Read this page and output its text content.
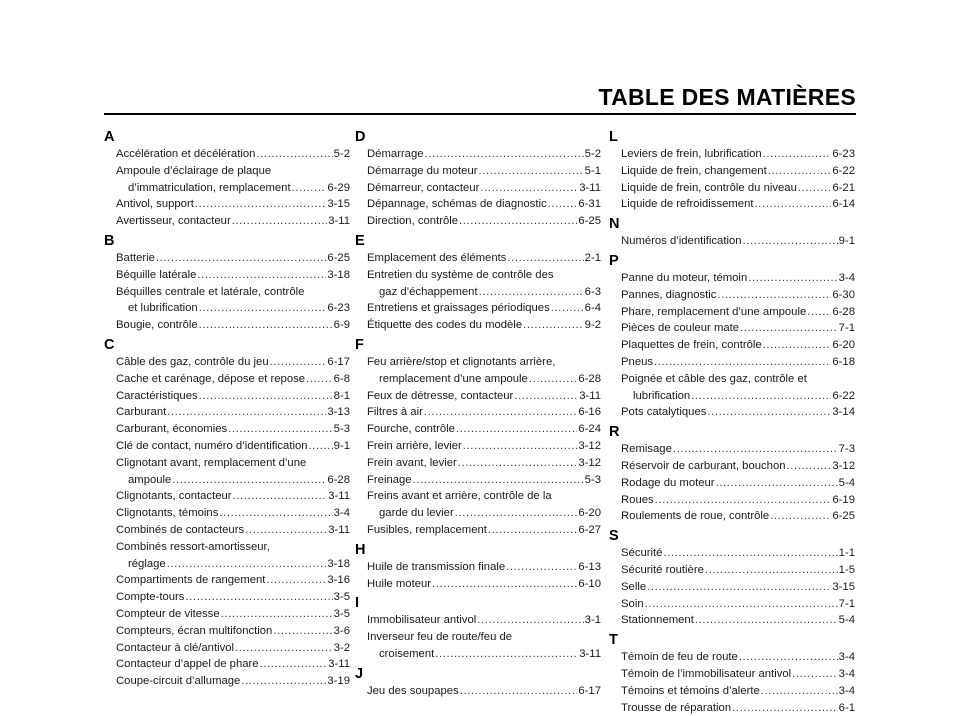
TABLE DES MATIÈRES
A
Accélération et décélération .....	5-2
Ampoule d’éclairage de plaque
d’immatriculation, remplacement .....	6-29
Antivol, support .....	3-15
Avertisseur, contacteur .....	3-11
B
Batterie .....	6-25
Béquille latérale .....	3-18
Béquilles centrale et latérale, contrôle
et lubrification .....	6-23
Bougie, contrôle .....	6-9
C
Câble des gaz, contrôle du jeu .....	6-17
Cache et carénage, dépose et repose .....	6-8
Caractéristiques .....	8-1
Carburant .....	3-13
Carburant, économies .....	5-3
Clé de contact, numéro d’identification ..... 9-1
Clignotant avant, remplacement d’une
ampoule .....	6-28
Clignotants, contacteur .....	3-11
Clignotants, témoins .....	3-4
Combinés de contacteurs .....	3-11
Combinés ressort-amortisseur,
réglage .....	3-18
Compartiments de rangement .....	3-16
Compte-tours .....	3-5
Compteur de vitesse .....	3-5
Compteurs, écran multifonction .....	3-6
Contacteur à clé/antivol .....	3-2
Contacteur d’appel de phare .....	3-11
Coupe-circuit d’allumage .....	3-19
D
Démarrage .....	5-2
Démarrage du moteur .....	5-1
Démarreur, contacteur .....	3-11
Dépannage, schémas de diagnostic .....	6-31
Direction, contrôle .....	6-25
E
Emplacement des éléments .....	2-1
Entretien du système de contrôle des
gaz d’échappement .....	6-3
Entretiens et graissages périodiques .....	6-4
Étiquette des codes du modèle .....	9-2
F
Feu arrière/stop et clignotants arrière,
remplacement d’une ampoule .....	6-28
Feux de détresse, contacteur .....	3-11
Filtres à air .....	6-16
Fourche, contrôle .....	6-24
Frein arrière, levier .....	3-12
Frein avant, levier .....	3-12
Freinage .....	5-3
Freins avant et arrière, contrôle de la
garde du levier .....	6-20
Fusibles, remplacement .....	6-27
H
Huile de transmission finale .....	6-13
Huile moteur .....	6-10
I
Immobilisateur antivol .....	3-1
Inverseur feu de route/feu de
croisement .....	3-11
J
Jeu des soupapes .....	6-17
L
Leviers de frein, lubrification .....	6-23
Liquide de frein, changement .....	6-22
Liquide de frein, contrôle du niveau .....	6-21
Liquide de refroidissement .....	6-14
N
Numéros d’identification .....	9-1
P
Panne du moteur, témoin .....	3-4
Pannes, diagnostic .....	6-30
Phare, remplacement d’une ampoule ..... 6-28
Pièces de couleur mate .....	7-1
Plaquettes de frein, contrôle .....	6-20
Pneus .....	6-18
Poignée et câble des gaz, contrôle et
lubrification .....	6-22
Pots catalytiques .....	3-14
R
Remisage .....	7-3
Réservoir de carburant, bouchon .....	3-12
Rodage du moteur .....	5-4
Roues .....	6-19
Roulements de roue, contrôle .....	6-25
S
Sécurité .....	1-1
Sécurité routière .....	1-5
Selle .....	3-15
Soin .....	7-1
Stationnement .....	5-4
T
Témoin de feu de route .....	3-4
Témoin de l’immobilisateur antivol .....	3-4
Témoins et témoins d’alerte .....	3-4
Trousse de réparation .....	6-1
